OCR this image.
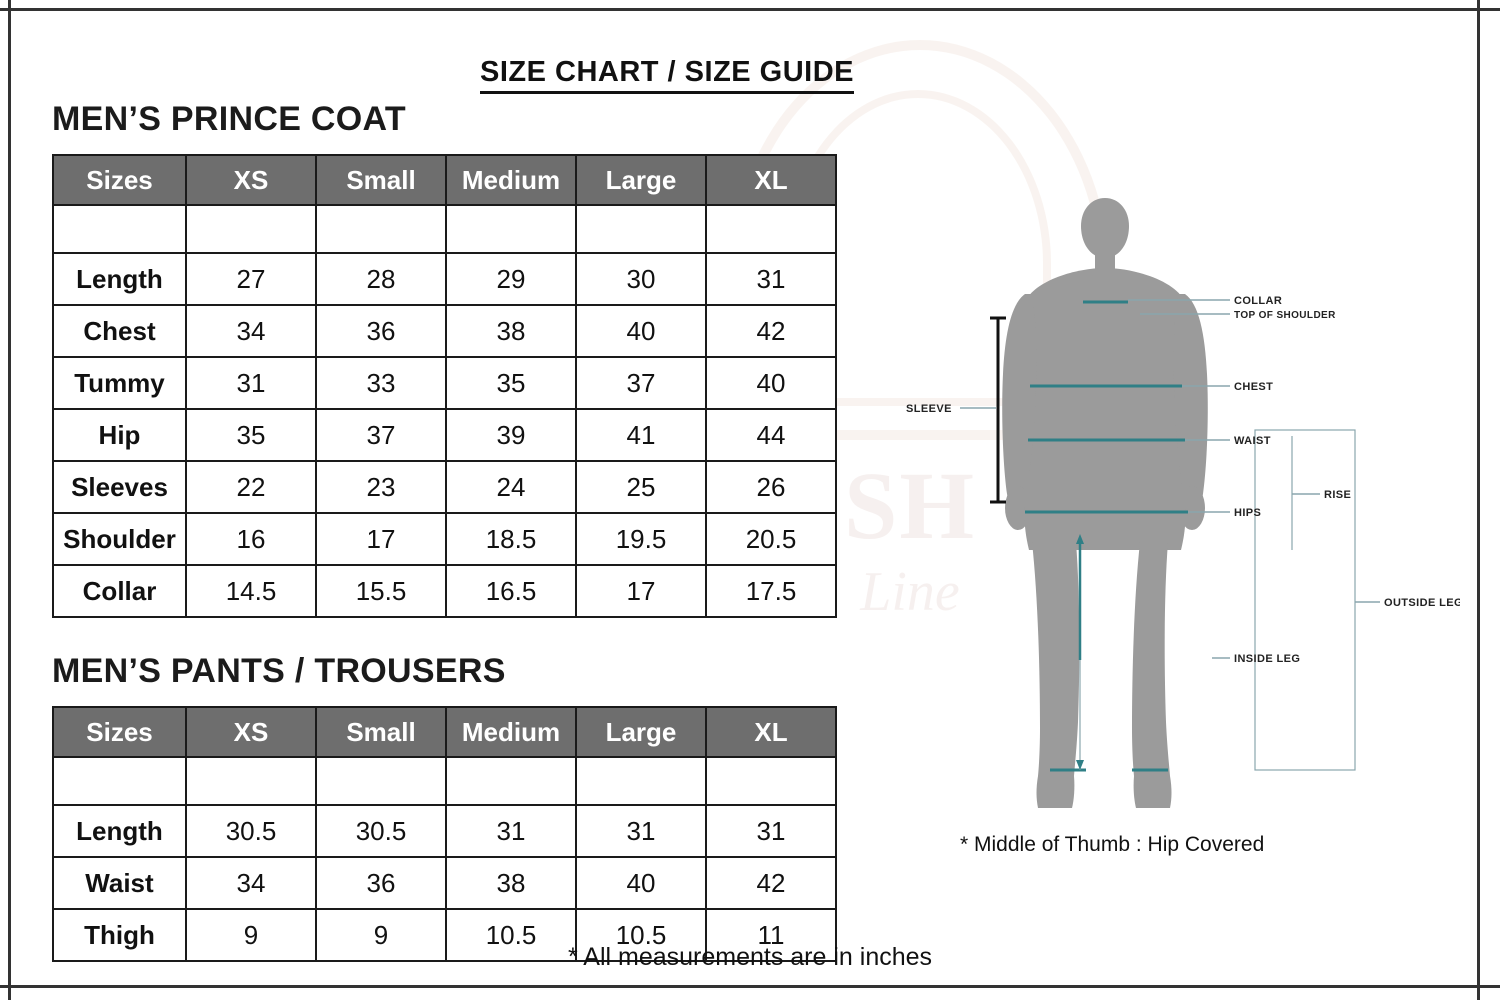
SH
Line
SIZE CHART / SIZE GUIDE
MEN’S PRINCE COAT
Sizes	XS	Small	Medium	Large	XL

Length	27	28	29	30	31
Chest	34	36	38	40	42
Tummy	31	33	35	37	40
Hip	35	37	39	41	44
Sleeves	22	23	24	25	26
Shoulder	16	17	18.5	19.5	20.5
Collar	14.5	15.5	16.5	17	17.5
MEN’S PANTS / TROUSERS
Sizes	XS	Small	Medium	Large	XL

Length	30.5	30.5	31	31	31
Waist	34	36	38	40	42
Thigh	9	9	10.5	10.5	11
COLLAR
TOP OF SHOULDER
CHEST
WAIST
HIPS
SLEEVE
RISE
OUTSIDE LEG
INSIDE LEG
* Middle of Thumb : Hip Covered
* All measurements are in inches
